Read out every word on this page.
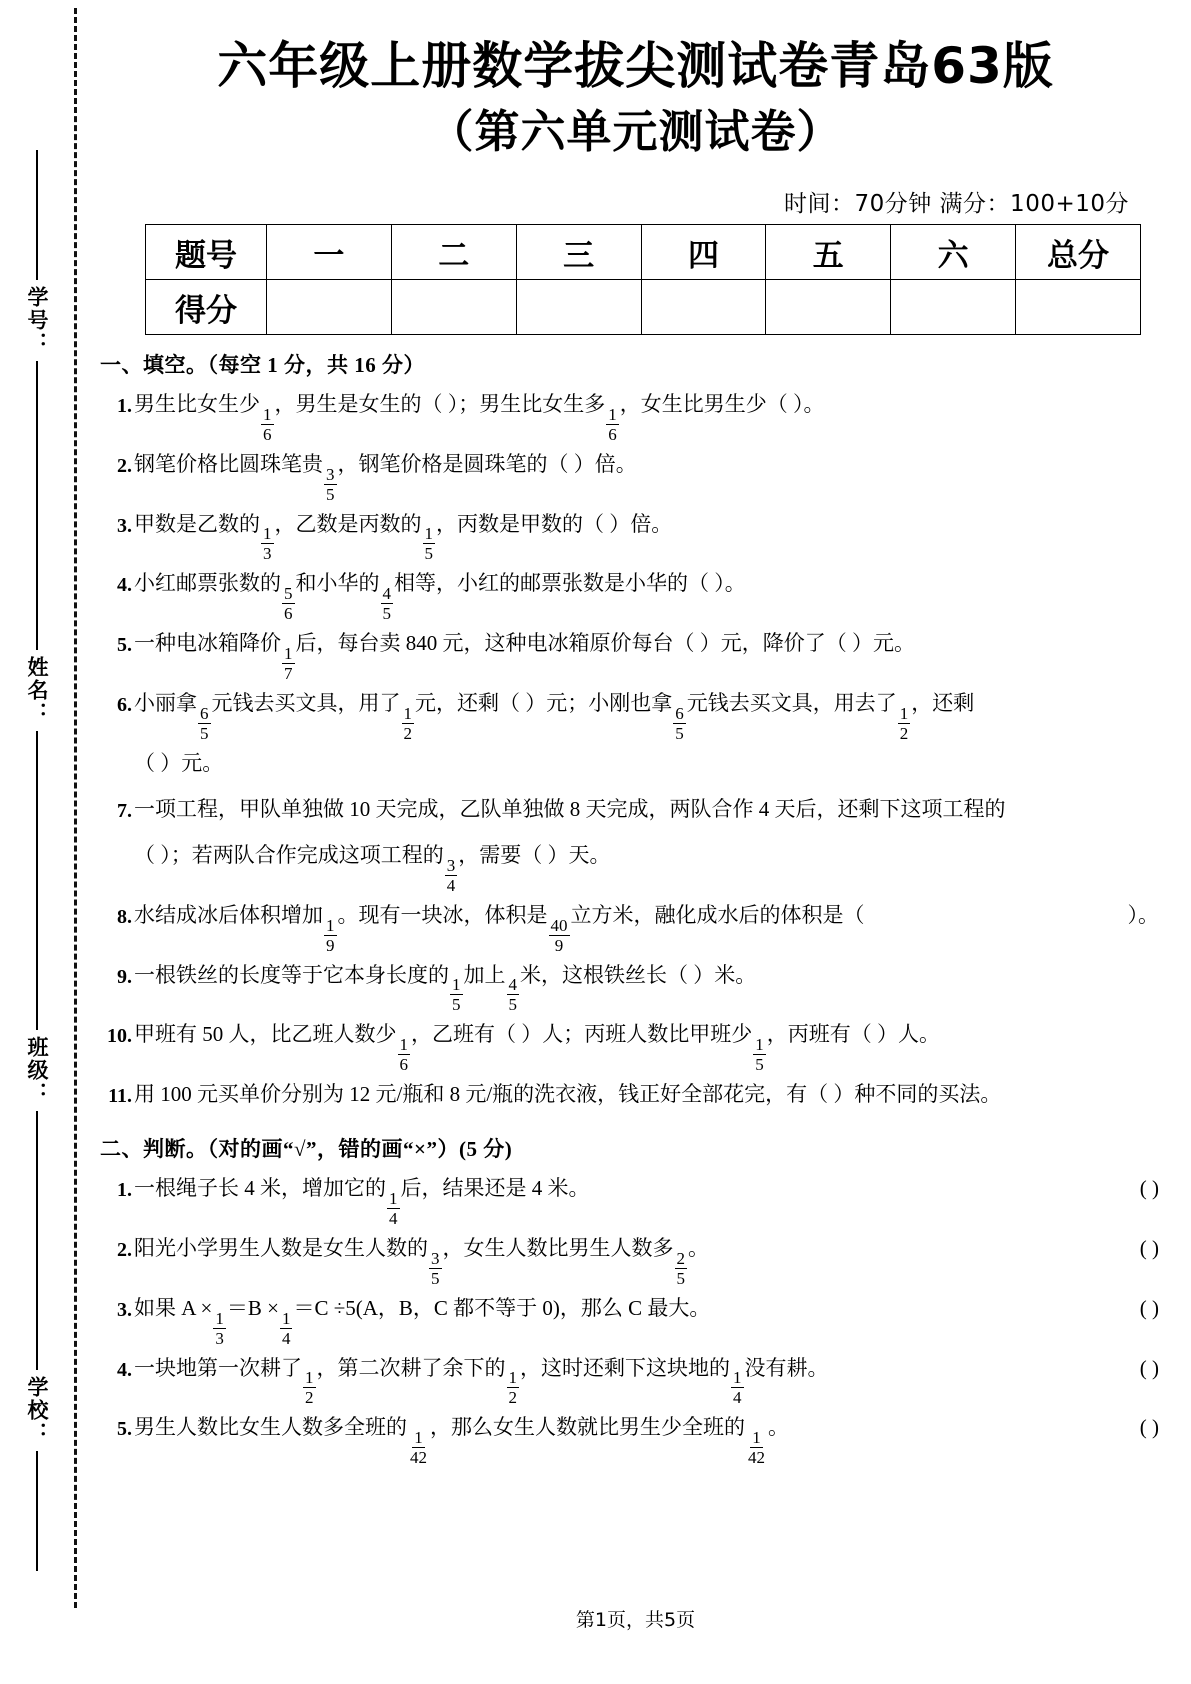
学号：
姓名：
班级：
学校：
六年级上册数学拔尖测试卷青岛63版
（第六单元测试卷）
时间：70分钟 满分：100+10分
题号	一	二	三	四	五	六	总分
得分							
一、填空。（每空 1 分，共 16 分）
1. 男生比女生少
$\frac{1}{6}$
，男生是女生的（ ）；男生比女生多
$\frac{1}{6}$
，女生比男生少（ ）。
2. 钢笔价格比圆珠笔贵
$\frac{3}{5}$
，钢笔价格是圆珠笔的（ ）倍。
3. 甲数是乙数的
$\frac{1}{3}$
，乙数是丙数的
$\frac{1}{5}$
，丙数是甲数的（ ）倍。
4. 小红邮票张数的
$\frac{5}{6}$
和小华的
$\frac{4}{5}$
相等，小红的邮票张数是小华的（ ）。
5. 一种电冰箱降价
$\frac{1}{7}$
后，每台卖 840 元，这种电冰箱原价每台（ ）元，降价了（ ）元。
6. 小丽拿
$\frac{6}{5}$
元钱去买文具，用了
$\frac{1}{2}$
元，还剩（ ）元；小刚也拿
$\frac{6}{5}$
元钱去买文具，用去了
$\frac{1}{2}$
，还剩
（ ）元。
7. 一项工程，甲队单独做 10 天完成，乙队单独做 8 天完成，两队合作 4 天后，还剩下这项工程的
（ ）；若两队合作完成这项工程的
$\frac{3}{4}$
，需要（ ）天。
8. 水结成冰后体积增加
$\frac{1}{9}$
。现有一块冰，体积是
$\frac{40}{9}$
立方米，融化成水后的体积是（	）。
9. 一根铁丝的长度等于它本身长度的
$\frac{1}{5}$
加上
$\frac{4}{5}$
米，这根铁丝长（ ）米。
10. 甲班有 50 人，比乙班人数少
$\frac{1}{6}$
，乙班有（ ）人；丙班人数比甲班少
$\frac{1}{5}$
，丙班有（ ）人。
11. 用 100 元买单价分别为 12 元/瓶和 8 元/瓶的洗衣液，钱正好全部花完，有（ ）种不同的买法。
二、判断。（对的画“√”，错的画“×”）(5 分)
1. 一根绳子长 4 米，增加它的
$\frac{1}{4}$
后，结果还是 4 米。	( )
2. 阳光小学男生人数是女生人数的
$\frac{3}{5}$
，女生人数比男生人数多
$\frac{2}{5}$
。	( )
3. 如果 A ×
$\frac{1}{3}$
＝B ×
$\frac{1}{4}$
＝C ÷5(A，B，C 都不等于 0)，那么 C 最大。	( )
4. 一块地第一次耕了
$\frac{1}{2}$
，第二次耕了余下的
$\frac{1}{2}$
，这时还剩下这块地的
$\frac{1}{4}$
没有耕。	( )
5. 男生人数比女生人数多全班的
$\frac{1}{42}$
，那么女生人数就比男生少全班的
$\frac{1}{42}$
。	( )
第1页，共5页
